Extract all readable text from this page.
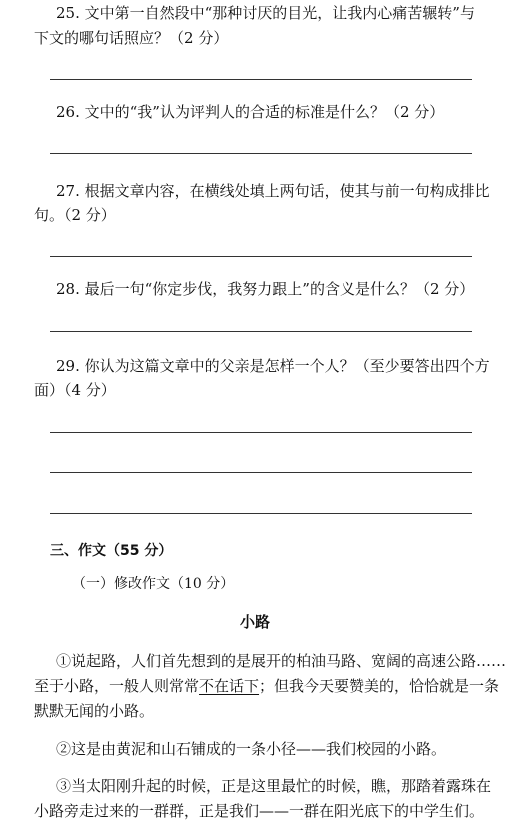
25. 文中第一自然段中“那种讨厌的目光，让我内心痛苦辗转”与
下文的哪句话照应？（2 分）
26. 文中的“我”认为评判人的合适的标准是什么？（2 分）
27. 根据文章内容，在横线处填上两句话，使其与前一句构成排比
句。（2 分）
28. 最后一句“你定步伐，我努力跟上”的含义是什么？（2 分）
29. 你认为这篇文章中的父亲是怎样一个人？（至少要答出四个方
面）（4 分）
三、作文（55 分）
（一）修改作文（10 分）
小路
①说起路，人们首先想到的是展开的柏油马路、宽阔的高速公路……
至于小路，一般人则常常不在话下；但我今天要赞美的，恰恰就是一条
默默无闻的小路。
②这是由黄泥和山石铺成的一条小径——我们校园的小路。
③当太阳刚升起的时候，正是这里最忙的时候，瞧，那踏着露珠在
小路旁走过来的一群群，正是我们——一群在阳光底下的中学生们。
